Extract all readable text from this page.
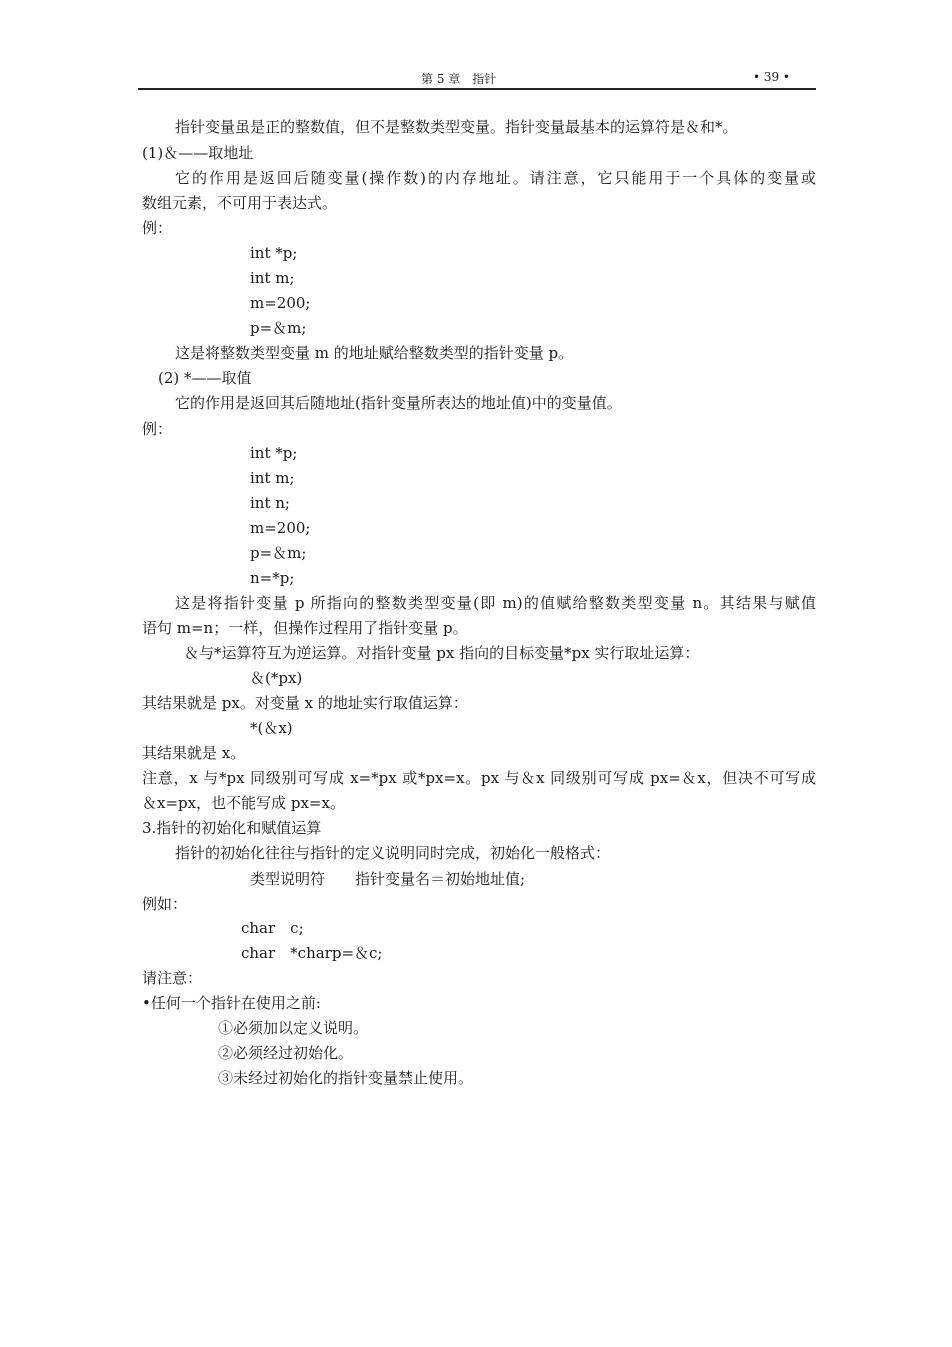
第 5 章　指针	• 39 •
指针变量虽是正的整数值，但不是整数类型变量。指针变量最基本的运算符是＆和*。
(1)＆——取地址
它的作用是返回后随变量(操作数)的内存地址。请注意，它只能用于一个具体的变量或
数组元素，不可用于表达式。
例：
int *p;
int m;
m=200;
p=＆m;
这是将整数类型变量 m 的地址赋给整数类型的指针变量 p。
(2) *——取值
它的作用是返回其后随地址(指针变量所表达的地址值)中的变量值。
例：
int *p;
int m;
int n;
m=200;
p=＆m;
n=*p;
这是将指针变量 p 所指向的整数类型变量(即 m)的值赋给整数类型变量 n。其结果与赋值
语句 m=n；一样，但操作过程用了指针变量 p。
＆与*运算符互为逆运算。对指针变量 px 指向的目标变量*px 实行取址运算：
＆(*px)
其结果就是 px。对变量 x 的地址实行取值运算：
*(＆x)
其结果就是 x。
注意，x 与*px 同级别可写成 x=*px 或*px=x。px 与＆x 同级别可写成 px=＆x，但决不可写成
＆x=px，也不能写成 px=x。
3.指针的初始化和赋值运算
指针的初始化往往与指针的定义说明同时完成，初始化一般格式：
类型说明符　　指针变量名＝初始地址值;
例如：
char　c;
char　*charp=＆c;
请注意：
•任何一个指针在使用之前:
①必须加以定义说明。
②必须经过初始化。
③未经过初始化的指针变量禁止使用。
